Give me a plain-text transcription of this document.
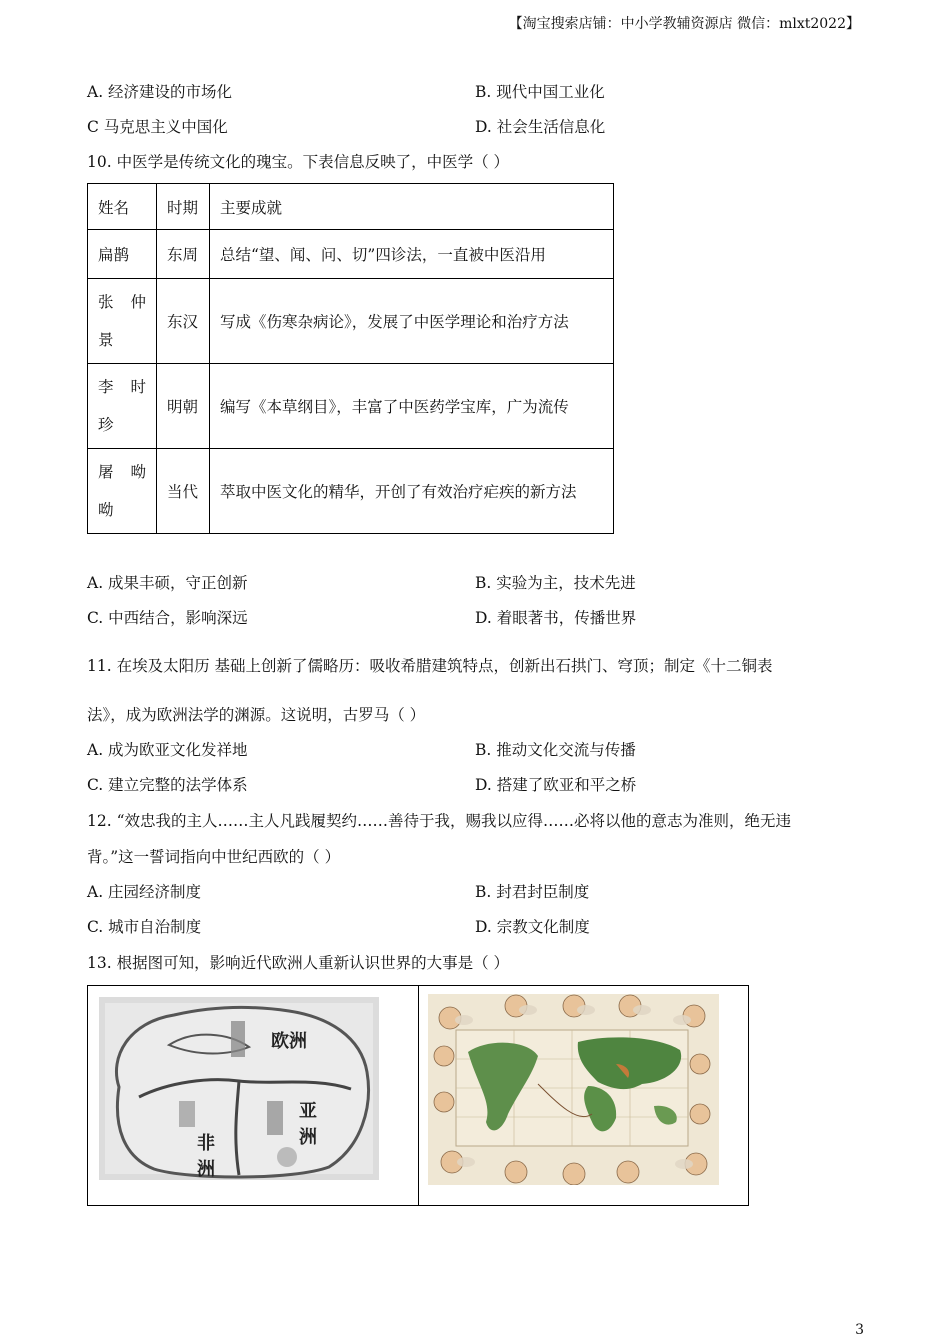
【淘宝搜索店铺：中小学教辅资源店 微信：mlxt2022】
A. 经济建设的市场化	B. 现代中国工业化
C 马克思主义中国化	D. 社会生活信息化
10. 中医学是传统文化的瑰宝。下表信息反映了，中医学（ ）
姓名	时期	主要成就
扁鹊	东周	总结“望、闻、问、切”四诊法，一直被中医沿用

张 仲
景	东汉	写成《伤寒杂病论》，发展了中医学理论和治疗方法

李 时
珍	明朝	编写《本草纲目》，丰富了中医药学宝库，广为流传

屠 呦
呦	当代	萃取中医文化的精华，开创了有效治疗疟疾的新方法
A. 成果丰硕，守正创新	B. 实验为主，技术先进
C. 中西结合，影响深远	D. 着眼著书，传播世界
11. 在埃及太阳历 基础上创新了儒略历：吸收希腊建筑特点，创新出石拱门、穹顶；制定《十二铜表
法》，成为欧洲法学的渊源。这说明，古罗马（ ）
A. 成为欧亚文化发祥地	B. 推动文化交流与传播
C. 建立完整的法学体系	D. 搭建了欧亚和平之桥
12. “效忠我的主人……主人凡践履契约……善待于我，赐我以应得……必将以他的意志为准则，绝无违
背。”这一誓词指向中世纪西欧的（ ）
A. 庄园经济制度	B. 封君封臣制度
C. 城市自治制度	D. 宗教文化制度
13. 根据图可知，影响近代欧洲人重新认识世界的大事是（ ）
欧洲
亚
洲
非
洲
3
